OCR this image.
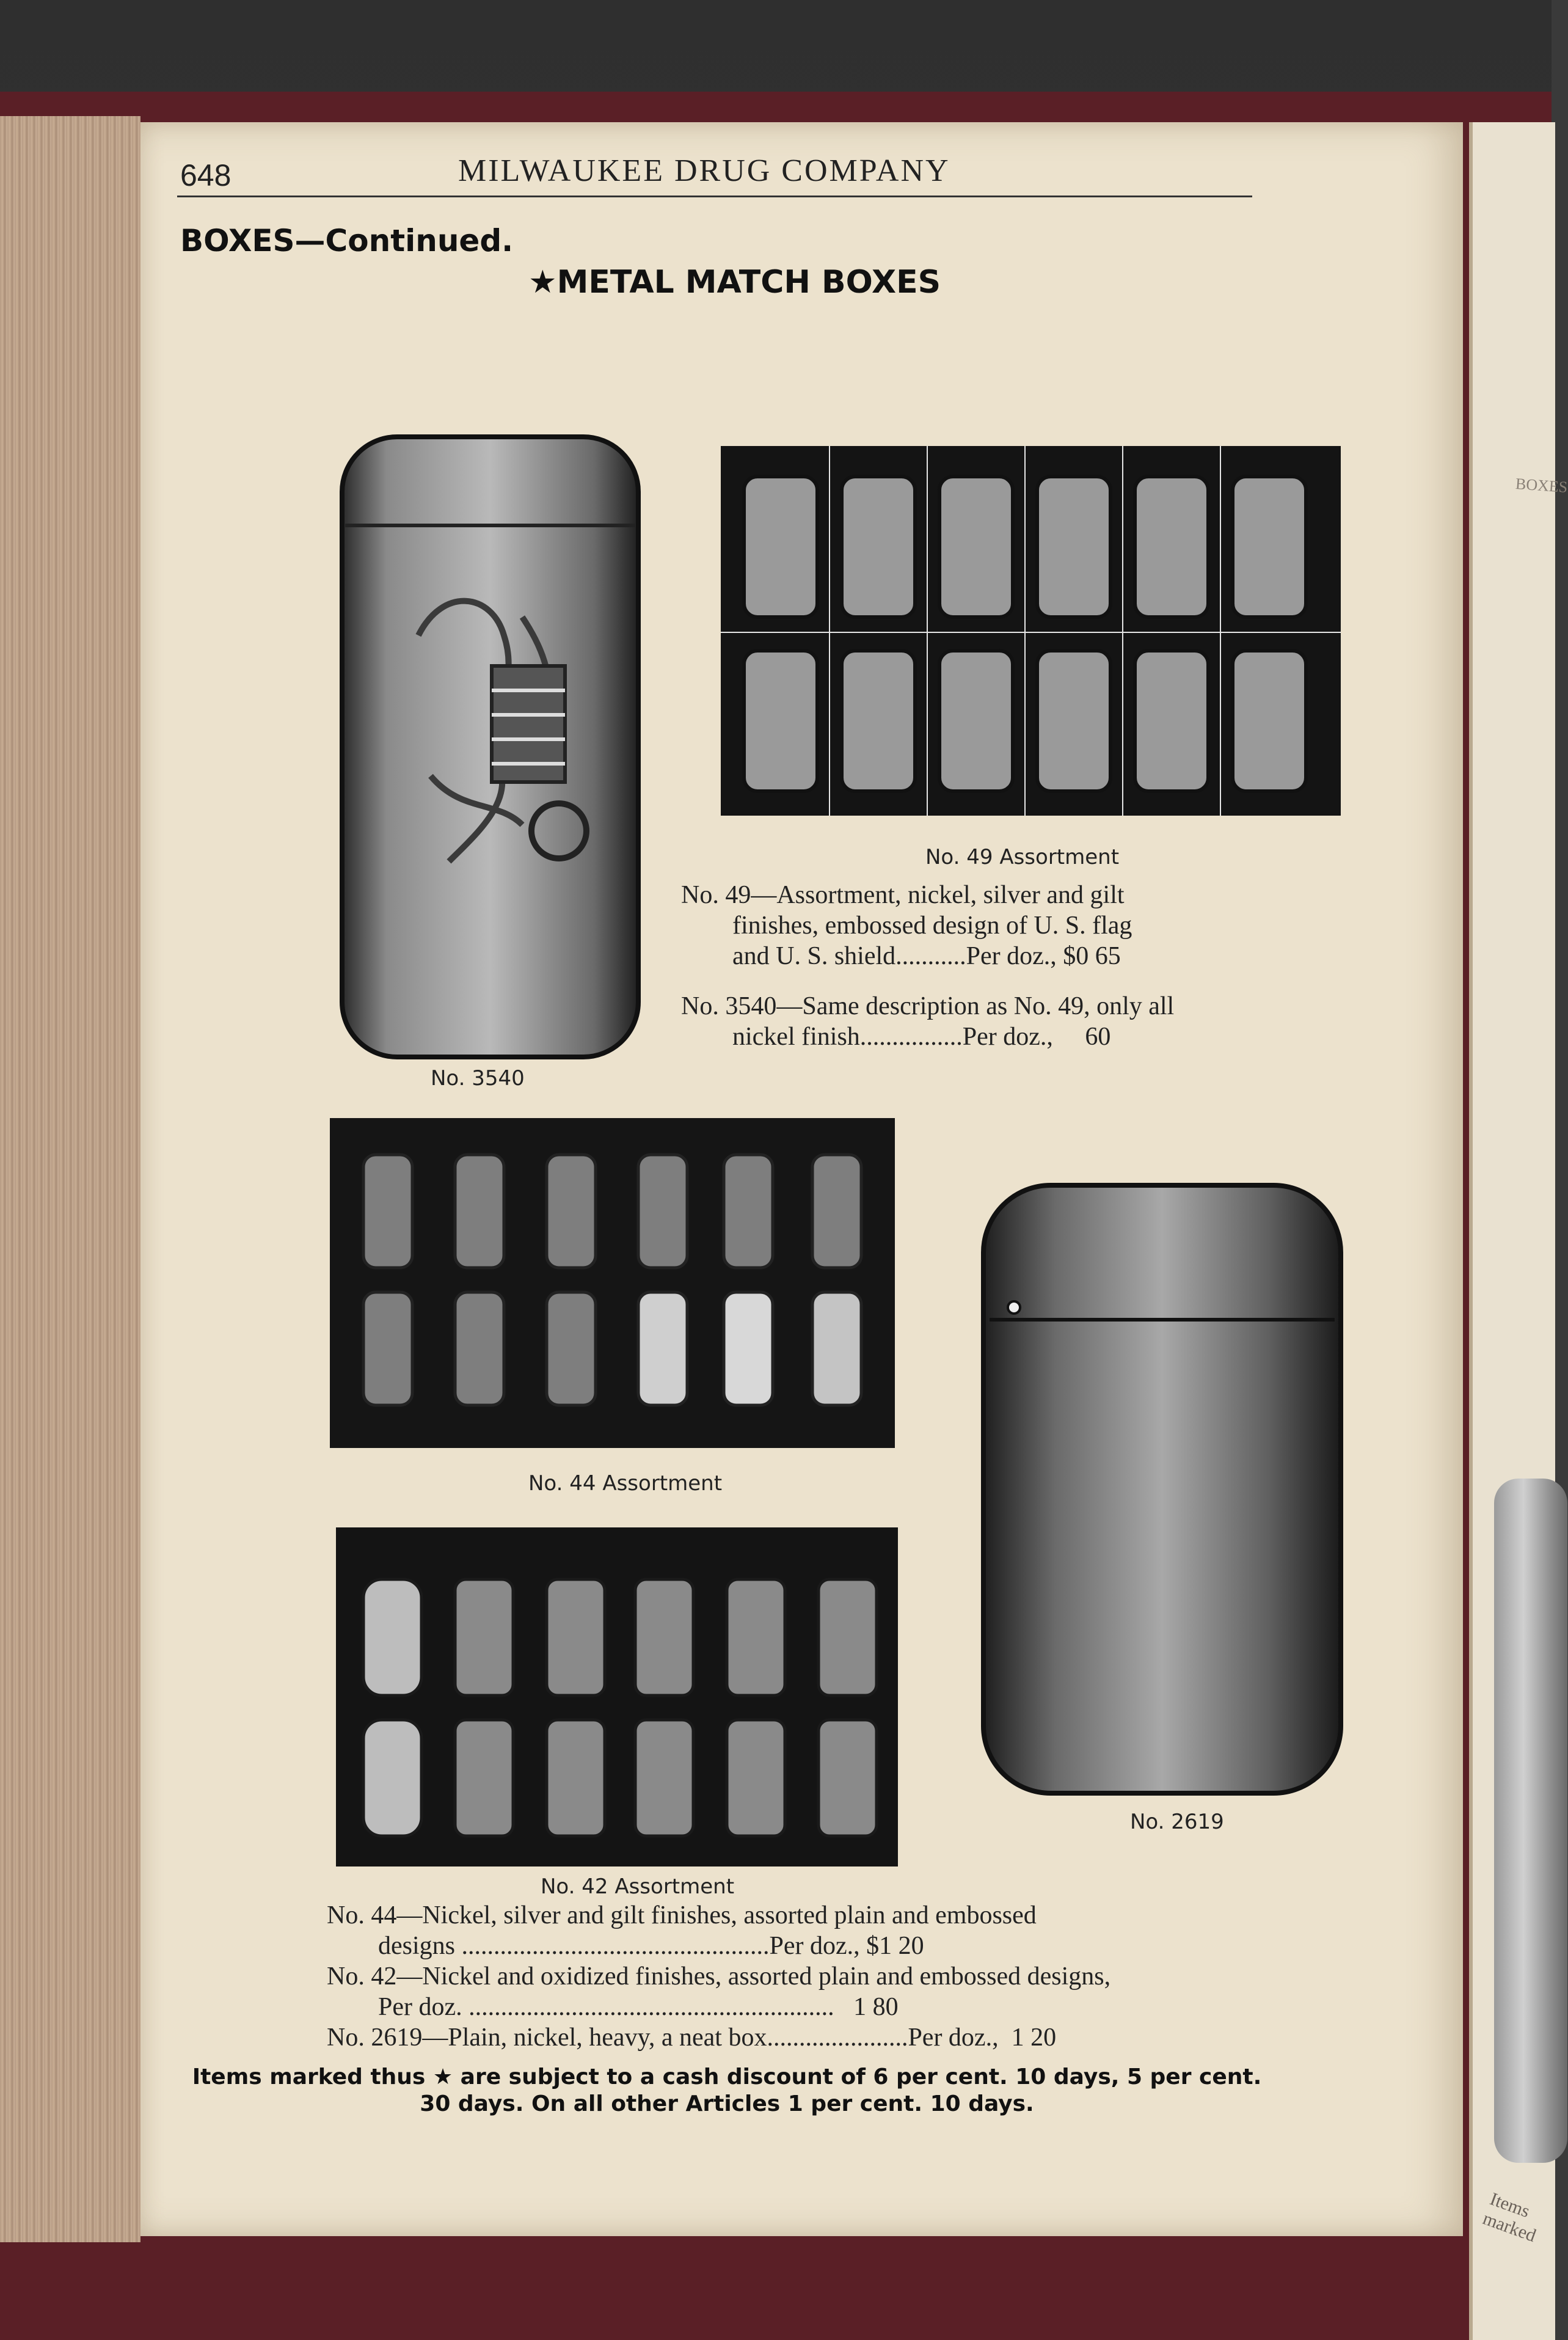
BOXES
Items marked
648	MILWAUKEE DRUG COMPANY
BOXES—Continued.
★METAL MATCH BOXES
No. 3540
No. 49 Assortment
No. 49—Assortment, nickel, silver and gilt
finishes, embossed design of U. S. flag
and U. S. shield...........Per doz., $0 65
No. 3540—Same description as No. 49, only all
nickel finish................Per doz.,     60
No. 44 Assortment
No. 42 Assortment
No. 2619
No. 44—Nickel, silver and gilt finishes, assorted plain and embossed
designs ................................................Per doz., $1 20
No. 42—Nickel and oxidized finishes, assorted plain and embossed designs,
Per doz. .........................................................   1 80
No. 2619—Plain, nickel, heavy, a neat box......................Per doz.,  1 20
Items marked thus ★ are subject to a cash discount of 6 per cent. 10 days, 5 per cent.
30 days. On all other Articles 1 per cent. 10 days.
